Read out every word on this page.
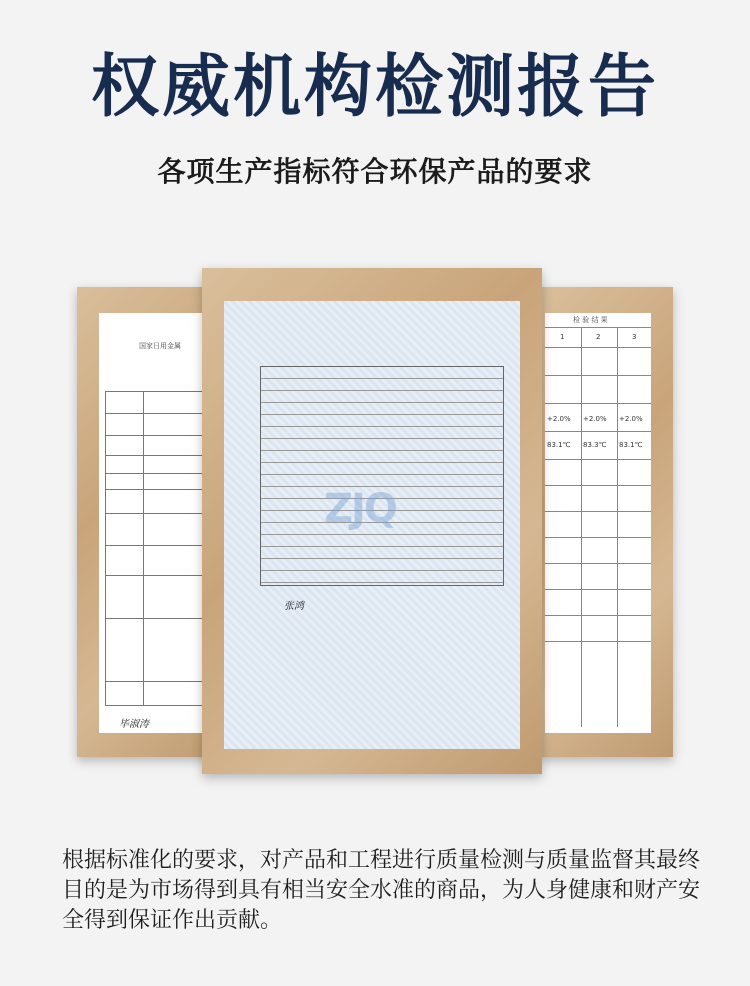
权威机构检测报告
各项生产指标符合环保产品的要求
国家日用金属
毕淑涛
检 验 结 果
1	2	3
+2.0% +2.0% +2.0%
83.1℃ 83.3℃ 83.1℃
ZJQ
张鸿
根据标准化的要求，对产品和工程进行质量检测与质量监督其最终目的是为市场得到具有相当安全水准的商品，为人身健康和财产安全得到保证作出贡献。
